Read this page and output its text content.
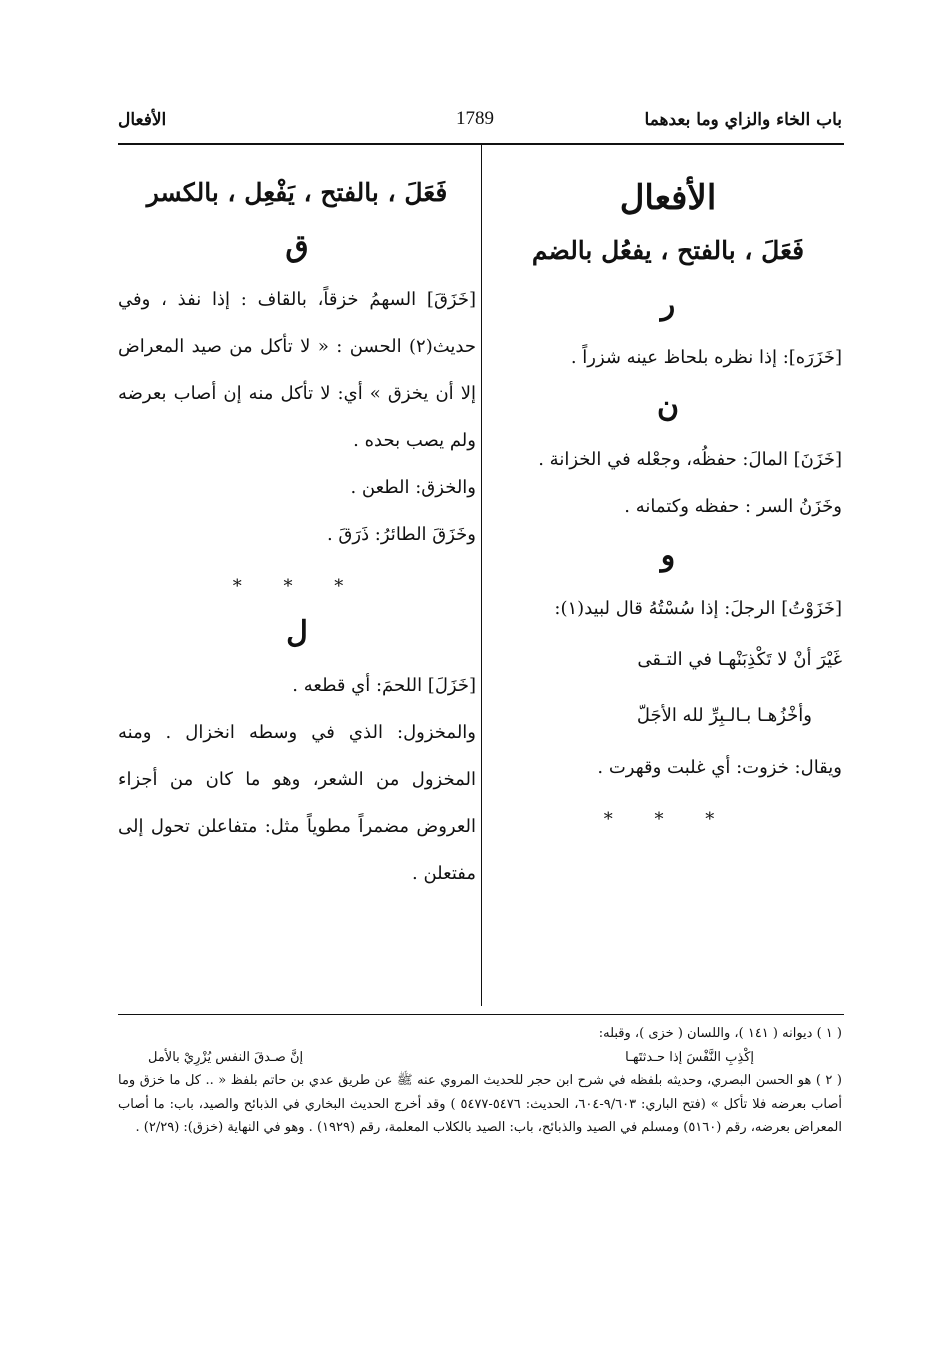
باب الخاء والزاي وما بعدهما
1789
الأفعال
الأفعال
فَعَلَ ، بالفتح ، يفعُل بالضم
ر

[خَزَرَه]: إذا نظره بلحاظ عينه شزراً .

ن

[خَزَنَ] المالَ: حفظُه، وجعْله في الخزانة .

وخَزَنُ السر : حفظه وكتمانه .

و

[خَزَوْتُ] الرجلَ: إذا سُسْتُهُ قال لبيد(١):

غَيْرَ أنْ لا تَكْذِبَنْهـا في التـقى
وأخْزُهـا بـالـبِرِّ لله الأجَلّ

ويقال: خزوت: أي غلبت وقهرت .

* * *
فَعَلَ ، بالفتح ، يَفْعِل ، بالكسر
ق

[خَزَقَ] السهمُ خزقاً، بالقاف : إذا نفذ ، وفي حديث(٢) الحسن : « لا تأكل من صيد المعراض إلا أن يخزق » أي: لا تأكل منه إن أصاب بعرضه ولم يصب بحده .

والخزق: الطعن .

وخَزَقَ الطائرُ: ذَرَقَ .

* * *
ل

[خَزَلَ] اللحمَ: أي قطعه .

والمخزول: الذي في وسطه انخزال . ومنه المخزول من الشعر، وهو ما كان من أجزاء العروض مضمراً مطوياً مثل: متفاعلن تحول إلى مفتعلن .

( ١ ) ديوانه ( ١٤١ )، واللسان ( خزى )، وقبله:

إكْذِبِ النَّفْسَ إذا حـدثتَهـا
إنَّ صـدقَ النفس يُزْرِيْ بالأمل

( ٢ ) هو الحسن البصري، وحديثه بلفظه في شرح ابن حجر للحديث المروي عنه ﷺ عن طريق عدي بن حاتم بلفظ « .. كل ما خزق وما أصاب بعرضه فلا تأكل » (فتح الباري: ٩/٦٠٣-٦٠٤، الحديث: ٥٤٧٦-٥٤٧٧ ) وقد أخرج الحديث البخاري في الذبائح والصيد، باب: ما أصاب المعراض بعرضه، رقم (٥١٦٠) ومسلم في الصيد والذبائح، باب: الصيد بالكلاب المعلمة، رقم (١٩٢٩) . وهو في النهاية (خزق): (٢/٢٩) .
